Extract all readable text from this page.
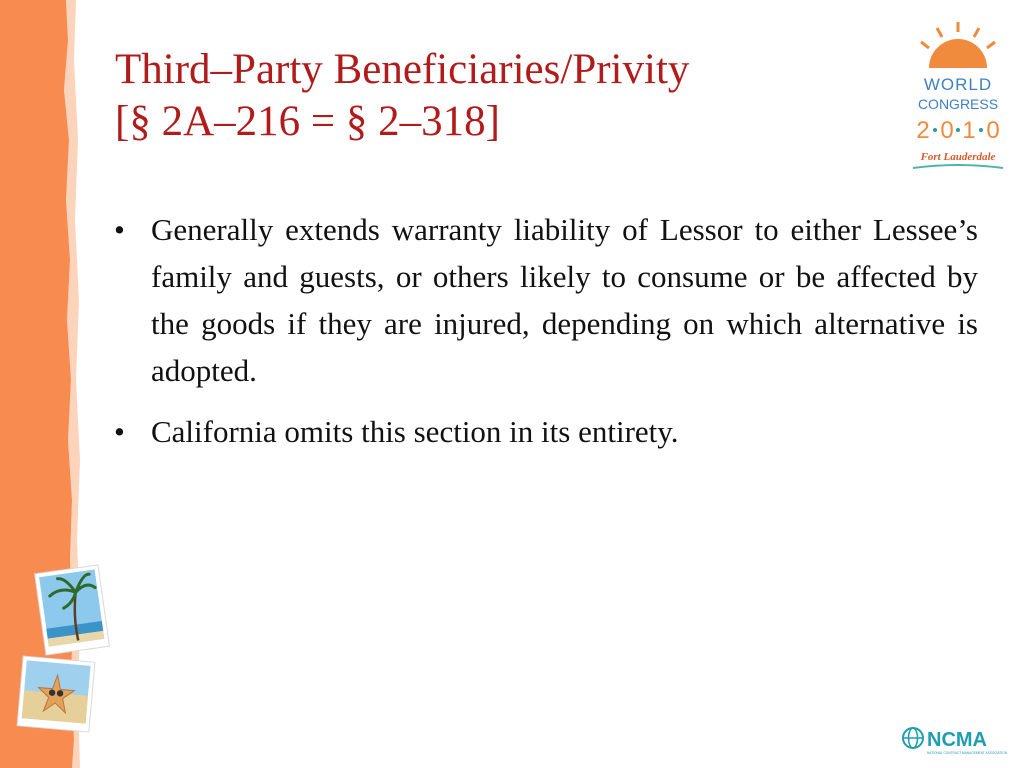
Third–Party Beneficiaries/Privity
[§ 2A–216 = § 2–318]
• Generally extends warranty liability of Lessor to either Lessee’s family and guests, or others likely to consume or be affected by the goods if they are injured, depending on which alternative is adopted.
• California omits this section in its entirety.
WORLD
CONGRESS
2 0 1 0
Fort Lauderdale
NCMA
NATIONAL CONTRACT MANAGEMENT ASSOCIATION
